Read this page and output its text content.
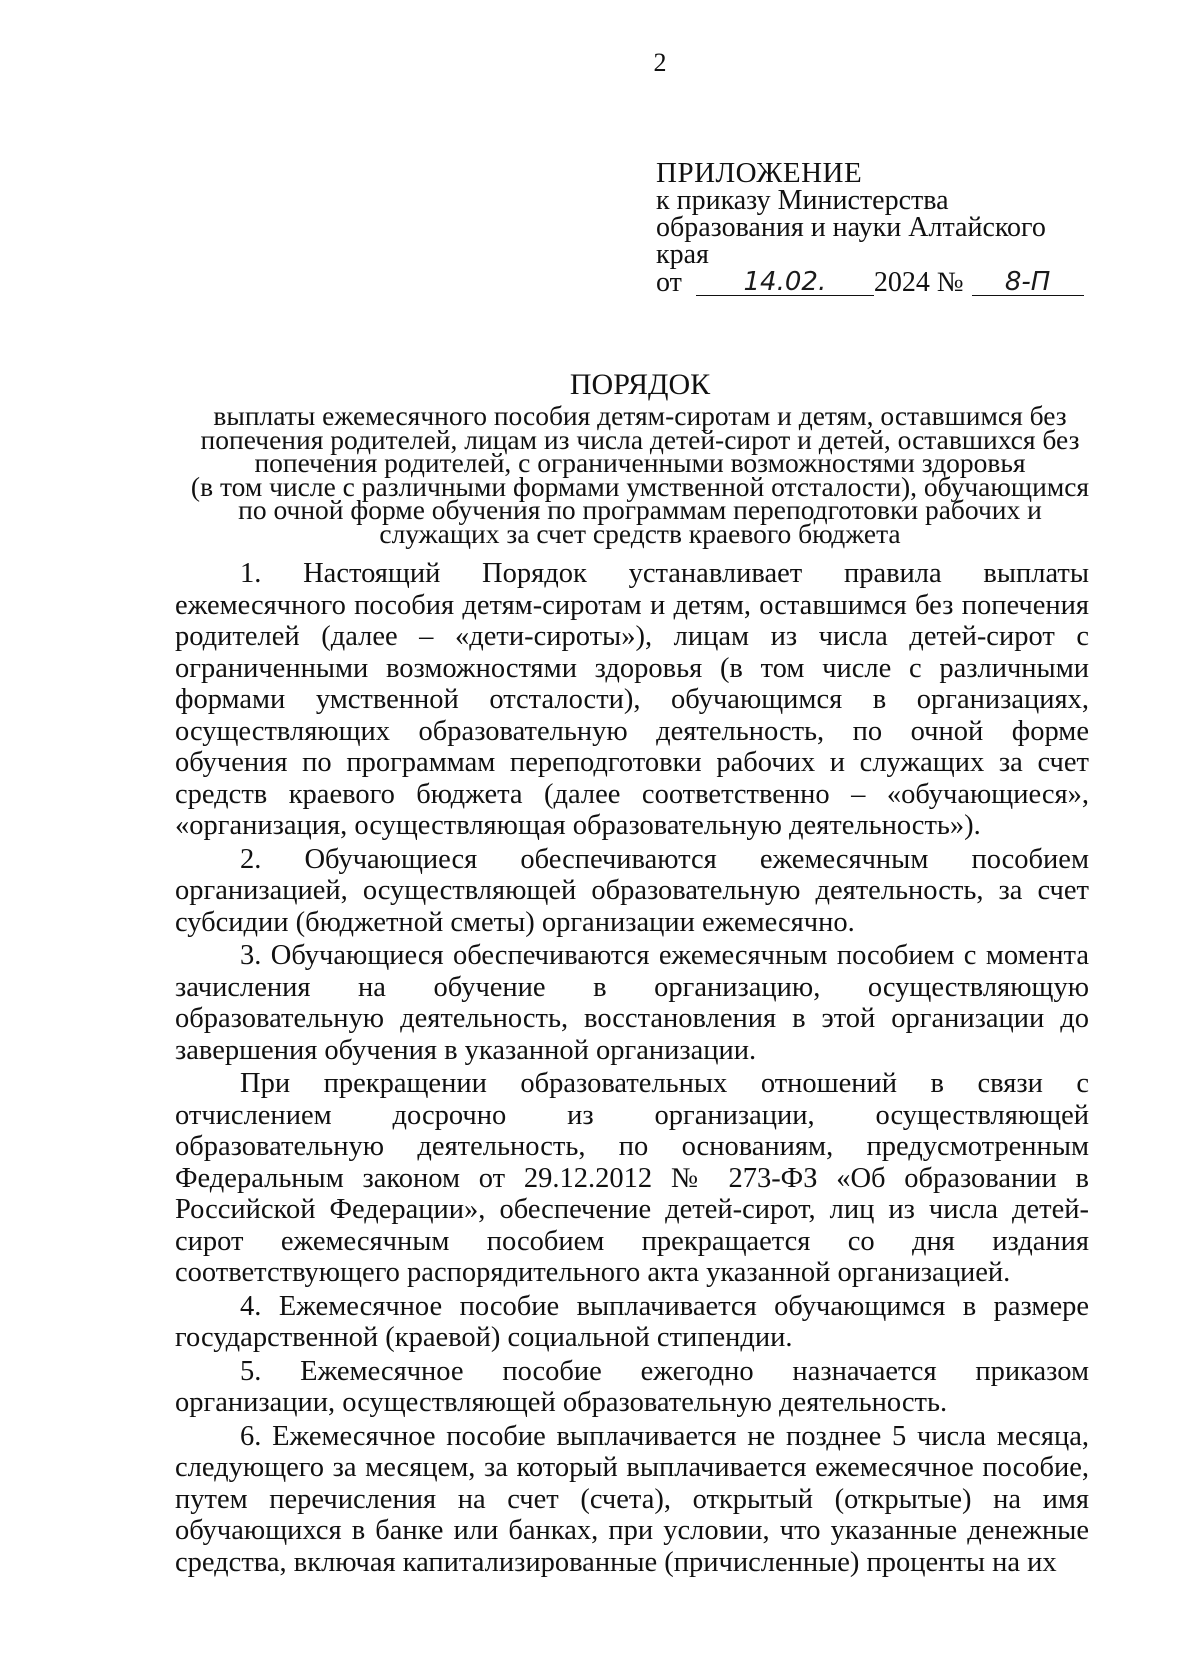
2
ПРИЛОЖЕНИЕ
к приказу Министерства
образования и науки Алтайского
края
от	14.02.	2024 №	8-П
ПОРЯДОК
выплаты ежемесячного пособия детям-сиротам и детям, оставшимся без
попечения родителей, лицам из числа детей-сирот и детей, оставшихся без
попечения родителей, с ограниченными возможностями здоровья
(в том числе с различными формами умственной отсталости), обучающимся
по очной форме обучения по программам переподготовки рабочих и
служащих за счет средств краевого бюджета

1. Настоящий Порядок устанавливает правила выплаты ежемесячного пособия детям-сиротам и детям, оставшимся без попечения родителей (далее – «дети-сироты»), лицам из числа детей-сирот с ограниченными возможностями здоровья (в том числе с различными формами умственной отсталости), обучающимся в организациях, осуществляющих образовательную деятельность, по очной форме обучения по программам переподготовки рабочих и служащих за счет средств краевого бюджета (далее соответственно – «обучающиеся», «организация, осуществляющая образовательную деятельность»).

2. Обучающиеся обеспечиваются ежемесячным пособием организацией, осуществляющей образовательную деятельность, за счет субсидии (бюджетной сметы) организации ежемесячно.

3. Обучающиеся обеспечиваются ежемесячным пособием с момента зачисления на обучение в организацию, осуществляющую образовательную деятельность, восстановления в этой организации до завершения обучения в указанной организации.

При прекращении образовательных отношений в связи с отчислением досрочно из организации, осуществляющей образовательную деятельность, по основаниям, предусмотренным Федеральным законом от 29.12.2012 № 273-ФЗ «Об образовании в Российской Федерации», обеспечение детей-сирот, лиц из числа детей-сирот ежемесячным пособием прекращается со дня издания соответствующего распорядительного акта указанной организацией.

4. Ежемесячное пособие выплачивается обучающимся в размере государственной (краевой) социальной стипендии.

5. Ежемесячное пособие ежегодно назначается приказом организации, осуществляющей образовательную деятельность.

6. Ежемесячное пособие выплачивается не позднее 5 числа месяца, следующего за месяцем, за который выплачивается ежемесячное пособие, путем перечисления на счет (счета), открытый (открытые) на имя обучающихся в банке или банках, при условии, что указанные денежные средства, включая капитализированные (причисленные) проценты на их
